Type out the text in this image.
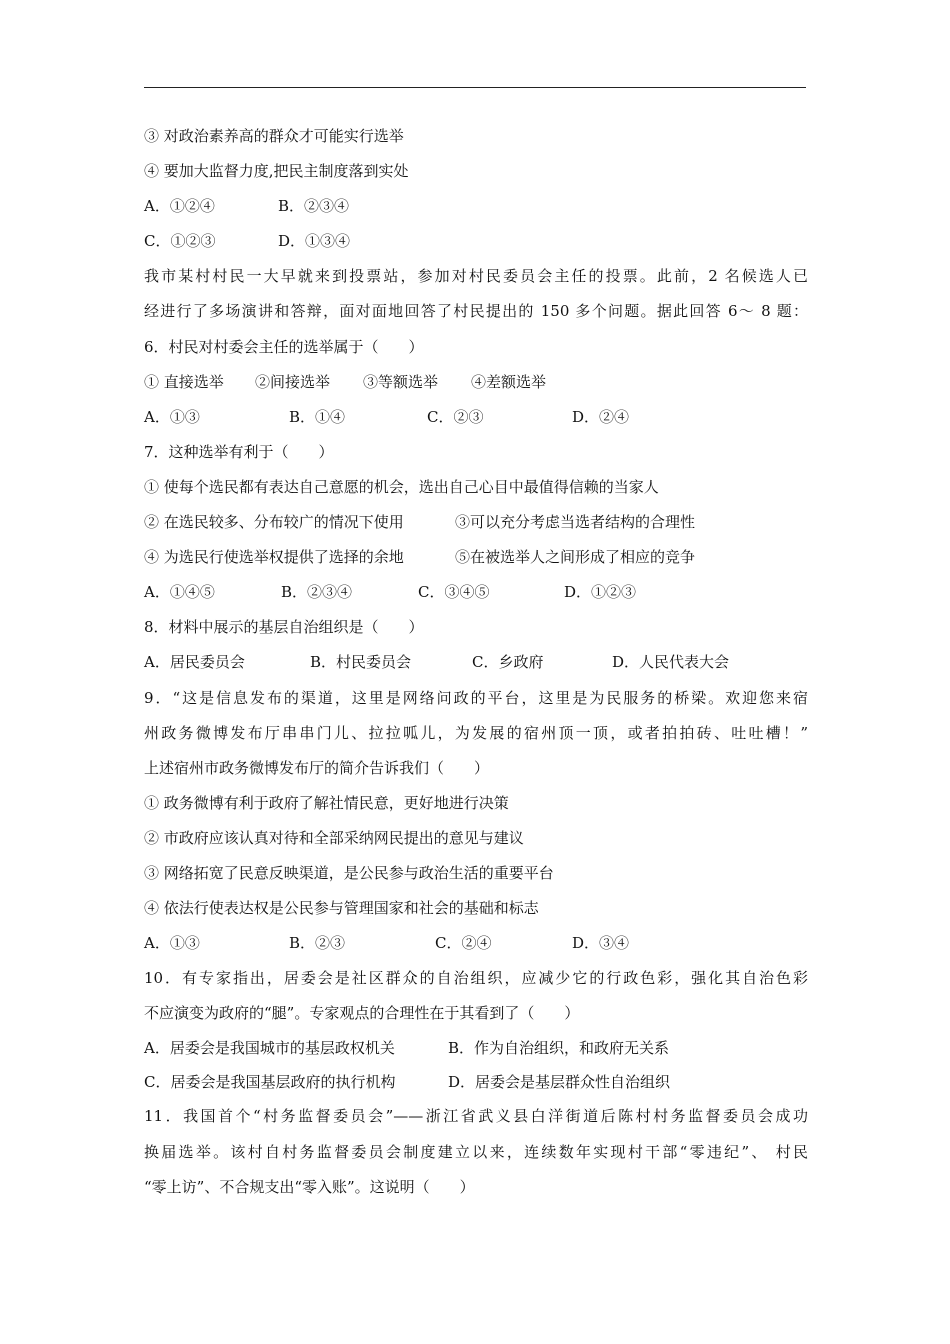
③ 对政治素养高的群众才可能实行选举
④ 要加大监督力度,把民主制度落到实处
A．①②④	B．②③④
C．①②③	D．①③④
我市某村村民一大早就来到投票站，参加对村民委员会主任的投票。此前，2 名候选人已
经进行了多场演讲和答辩，面对面地回答了村民提出的 150 多个问题。据此回答 6～ 8 题：
6．村民对村委会主任的选举属于（　　）
① 直接选举	②间接选举	③等额选举	④差额选举
A．①③	B．①④	C．②③	D．②④
7．这种选举有利于（　　）
① 使每个选民都有表达自己意愿的机会，选出自己心目中最值得信赖的当家人
② 在选民较多、分布较广的情况下使用	③可以充分考虑当选者结构的合理性
④ 为选民行使选举权提供了选择的余地	⑤在被选举人之间形成了相应的竞争
A．①④⑤	B．②③④	C．③④⑤	D．①②③
8．材料中展示的基层自治组织是（　　）
A．居民委员会	B．村民委员会	C．乡政府	D．人民代表大会
9．“这是信息发布的渠道，这里是网络问政的平台，这里是为民服务的桥梁。欢迎您来宿
州政务微博发布厅串串门儿、拉拉呱儿，为发展的宿州顶一顶，或者拍拍砖、吐吐槽！”
上述宿州市政务微博发布厅的简介告诉我们（　　）
① 政务微博有利于政府了解社情民意，更好地进行决策
② 市政府应该认真对待和全部采纳网民提出的意见与建议
③ 网络拓宽了民意反映渠道，是公民参与政治生活的重要平台
④ 依法行使表达权是公民参与管理国家和社会的基础和标志
A．①③	B．②③	C．②④	D．③④
10．有专家指出，居委会是社区群众的自治组织，应减少它的行政色彩，强化其自治色彩
不应演变为政府的“腿”。专家观点的合理性在于其看到了（　　）
A．居委会是我国城市的基层政权机关	B．作为自治组织，和政府无关系
C．居委会是我国基层政府的执行机构	D．居委会是基层群众性自治组织
11．我国首个“村务监督委员会”——浙江省武义县白洋街道后陈村村务监督委员会成功
换届选举。该村自村务监督委员会制度建立以来，连续数年实现村干部“零违纪”、 村民
“零上访”、不合规支出“零入账”。这说明（　　）
